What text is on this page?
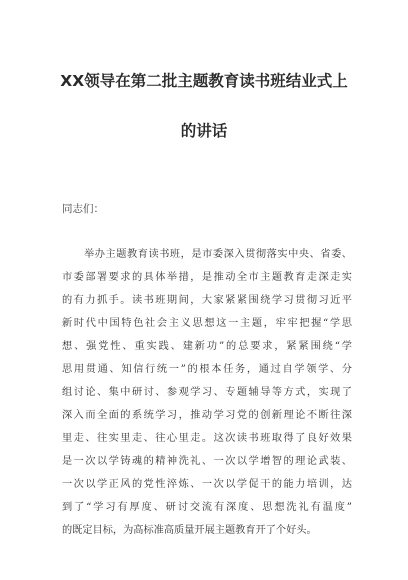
XX领导在第二批主题教育读书班结业式上
的讲话
同志们：
举办主题教育读书班，是市委深入贯彻落实中央、省委、
市委部署要求的具体举措，是推动全市主题教育走深走实
的有力抓手。读书班期间，大家紧紧围绕学习贯彻习近平
新时代中国特色社会主义思想这一主题，牢牢把握“学思
想、强党性、重实践、建新功”的总要求，紧紧围绕“学
思用贯通、知信行统一”的根本任务，通过自学领学、分
组讨论、集中研讨、参观学习、专题辅导等方式，实现了
深入而全面的系统学习，推动学习党的创新理论不断往深
里走、往实里走、往心里走。这次读书班取得了良好效果
是一次以学铸魂的精神洗礼、一次以学增智的理论武装、
一次以学正风的党性淬炼、一次以学促干的能力培训，达
到了“学习有厚度、研讨交流有深度、思想洗礼有温度”
的既定目标，为高标准高质量开展主题教育开了个好头。
